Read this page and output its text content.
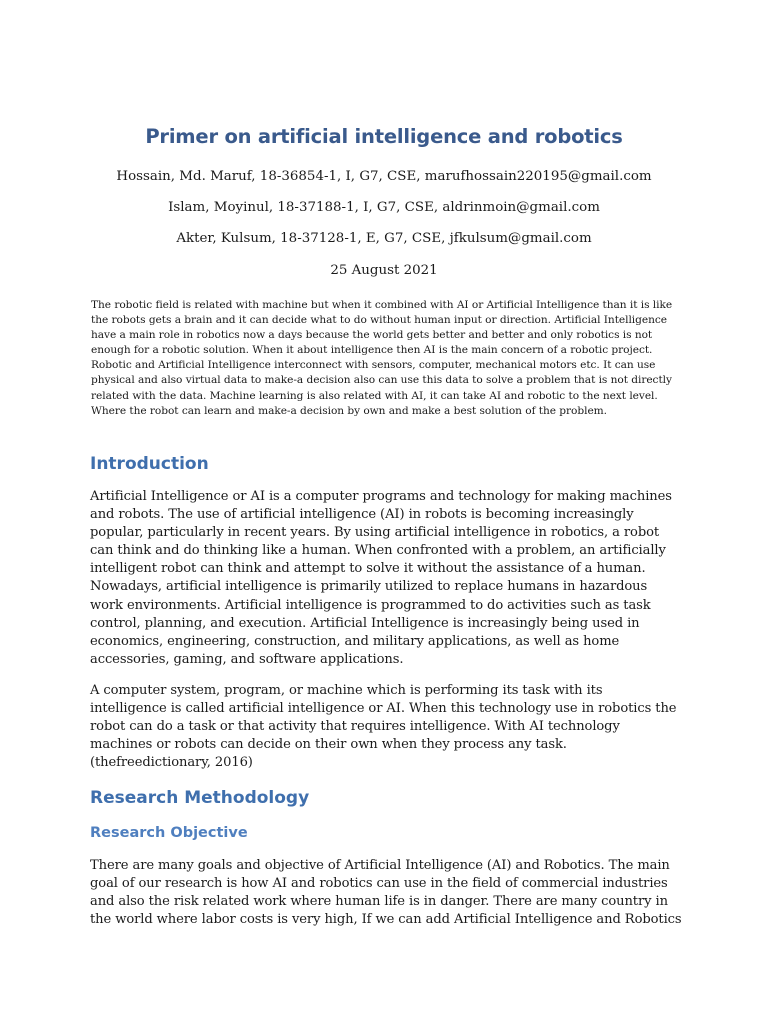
Primer on artificial intelligence and robotics

Hossain, Md. Maruf, 18-36854-1, I, G7, CSE, marufhossain220195@gmail.com

Islam, Moyinul, 18-37188-1, I, G7, CSE, aldrinmoin@gmail.com

Akter, Kulsum, 18-37128-1, E, G7, CSE, jfkulsum@gmail.com

25 August 2021

The robotic field is related with machine but when it combined with AI or Artificial Intelligence than it is like the robots gets a brain and it can decide what to do without human input or direction. Artificial Intelligence have a main role in robotics now a days because the world gets better and better and only robotics is not enough for a robotic solution. When it about intelligence then AI is the main concern of a robotic project. Robotic and Artificial Intelligence interconnect with sensors, computer, mechanical motors etc. It can use physical and also virtual data to make-a decision also can use this data to solve a problem that is not directly related with the data. Machine learning is also related with AI, it can take AI and robotic to the next level. Where the robot can learn and make-a decision by own and make a best solution of the problem.

Introduction

Artificial Intelligence or AI is a computer programs and technology for making machines and robots. The use of artificial intelligence (AI) in robots is becoming increasingly popular, particularly in recent years. By using artificial intelligence in robotics, a robot can think and do thinking like a human. When confronted with a problem, an artificially intelligent robot can think and attempt to solve it without the assistance of a human. Nowadays, artificial intelligence is primarily utilized to replace humans in hazardous work environments. Artificial intelligence is programmed to do activities such as task control, planning, and execution. Artificial Intelligence is increasingly being used in economics, engineering, construction, and military applications, as well as home accessories, gaming, and software applications.

A computer system, program, or machine which is performing its task with its intelligence is called artificial intelligence or AI. When this technology use in robotics the robot can do a task or that activity that requires intelligence. With AI technology machines or robots can decide on their own when they process any task. (thefreedictionary, 2016)

Research Methodology
Research Objective

There are many goals and objective of Artificial Intelligence (AI) and Robotics. The main goal of our research is how AI and robotics can use in the field of commercial industries and also the risk related work where human life is in danger. There are many country in the world where labor costs is very high, If we can add Artificial Intelligence and Robotics
